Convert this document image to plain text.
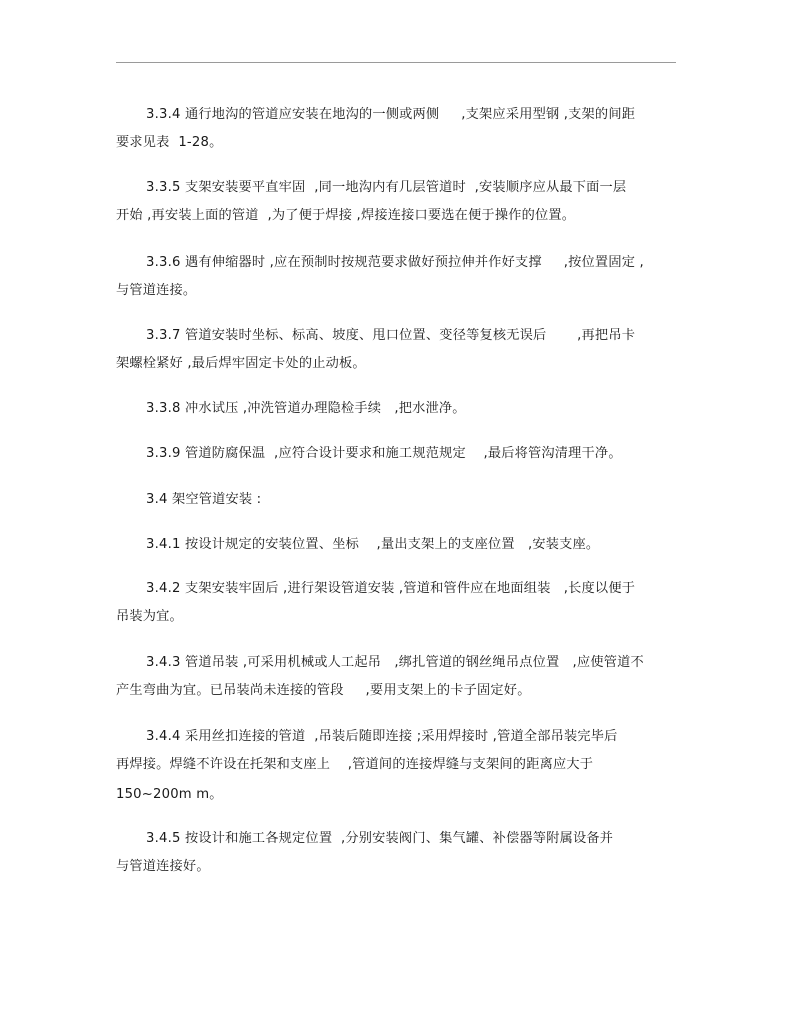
3.3.4 通行地沟的管道应安装在地沟的一侧或两侧     ,支架应采用型钢 ,支架的间距
要求见表  1-28。
3.3.5 支架安装要平直牢固  ,同一地沟内有几层管道时  ,安装顺序应从最下面一层
开始 ,再安装上面的管道  ,为了便于焊接 ,焊接连接口要选在便于操作的位置。
3.3.6 遇有伸缩器时 ,应在预制时按规范要求做好预拉伸并作好支撑     ,按位置固定 ,
与管道连接。
3.3.7 管道安装时坐标、标高、坡度、甩口位置、变径等复核无误后       ,再把吊卡
架螺栓紧好 ,最后焊牢固定卡处的止动板。
3.3.8 冲水试压 ,冲洗管道办理隐检手续   ,把水泄净。
3.3.9 管道防腐保温  ,应符合设计要求和施工规范规定    ,最后将管沟清理干净。
3.4 架空管道安装 :
3.4.1 按设计规定的安装位置、坐标    ,量出支架上的支座位置   ,安装支座。
3.4.2 支架安装牢固后 ,进行架设管道安装 ,管道和管件应在地面组装   ,长度以便于
吊装为宜。
3.4.3 管道吊装 ,可采用机械或人工起吊   ,绑扎管道的钢丝绳吊点位置   ,应使管道不
产生弯曲为宜。已吊装尚未连接的管段     ,要用支架上的卡子固定好。
3.4.4 采用丝扣连接的管道  ,吊装后随即连接 ;采用焊接时 ,管道全部吊装完毕后
再焊接。焊缝不许设在托架和支座上    ,管道间的连接焊缝与支架间的距离应大于
150~200m m。
3.4.5 按设计和施工各规定位置  ,分别安装阀门、集气罐、补偿器等附属设备并
与管道连接好。
